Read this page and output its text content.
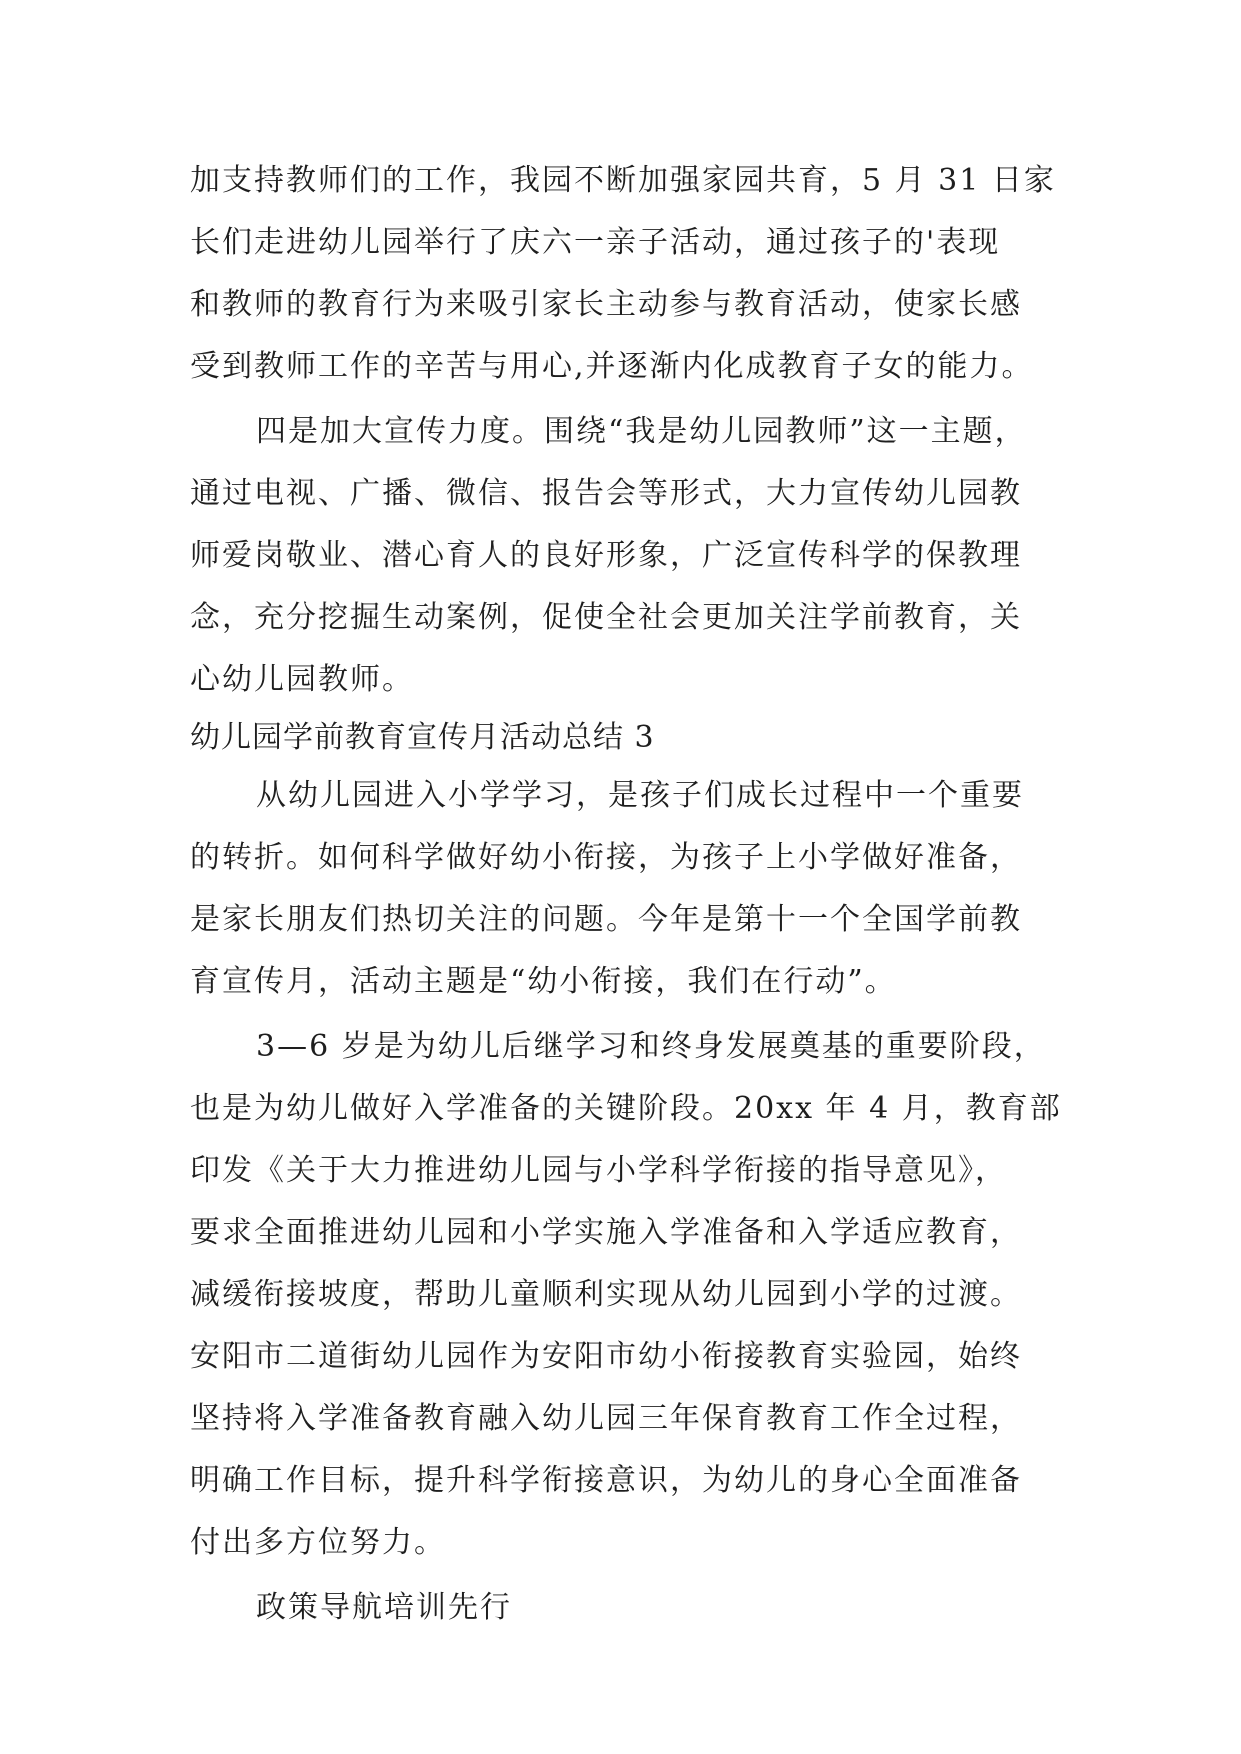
加支持教师们的工作，我园不断加强家园共育，5 月 31 日家
长们走进幼儿园举行了庆六一亲子活动，通过孩子的'表现
和教师的教育行为来吸引家长主动参与教育活动，使家长感
受到教师工作的辛苦与用心,并逐渐内化成教育子女的能力。
四是加大宣传力度。围绕“我是幼儿园教师”这一主题，
通过电视、广播、微信、报告会等形式，大力宣传幼儿园教
师爱岗敬业、潜心育人的良好形象，广泛宣传科学的保教理
念，充分挖掘生动案例，促使全社会更加关注学前教育，关
心幼儿园教师。
幼儿园学前教育宣传月活动总结 3
从幼儿园进入小学学习，是孩子们成长过程中一个重要
的转折。如何科学做好幼小衔接，为孩子上小学做好准备，
是家长朋友们热切关注的问题。今年是第十一个全国学前教
育宣传月，活动主题是“幼小衔接，我们在行动”。
3—6 岁是为幼儿后继学习和终身发展奠基的重要阶段，
也是为幼儿做好入学准备的关键阶段。20xx 年 4 月，教育部
印发《关于大力推进幼儿园与小学科学衔接的指导意见》，
要求全面推进幼儿园和小学实施入学准备和入学适应教育，
减缓衔接坡度，帮助儿童顺利实现从幼儿园到小学的过渡。
安阳市二道街幼儿园作为安阳市幼小衔接教育实验园，始终
坚持将入学准备教育融入幼儿园三年保育教育工作全过程，
明确工作目标，提升科学衔接意识，为幼儿的身心全面准备
付出多方位努力。
政策导航培训先行
